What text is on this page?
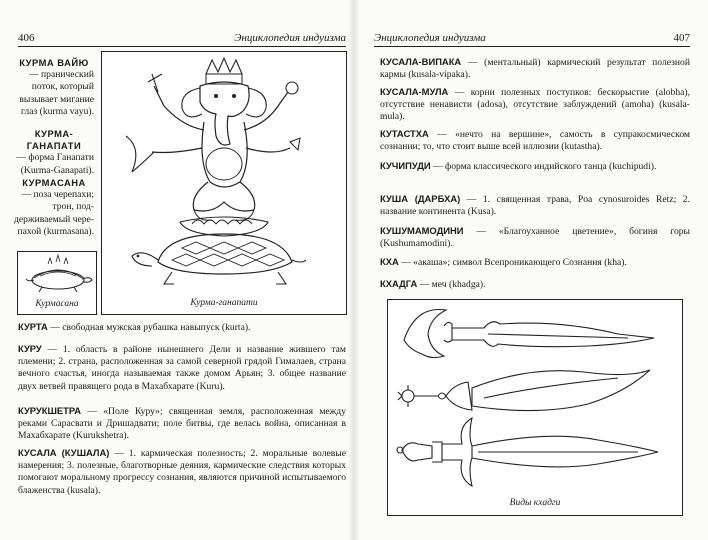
406	Энциклопедия индуизма
КУРМА ВАЙЮ
— пранический поток, который вызывает мигание глаз (kurma vayu).
КУРМА-ГАНАПАТИ
— форма Ганапати (Kurma-Ganapati).
КУРМАСАНА
— поза черепахи; трон, поддерживаемый черепахой (kurmasana).
Курмасана	Курма-ганапати
КУРТА — свободная мужская рубашка навыпуск (kurta).
КУРУ — 1. область в районе нынешнего Дели и название жившего там племени; 2. страна, расположенная за самой северной грядой Гималаев, страна вечного счастья, иногда называемая также домом Арьян; 3. общее название двух ветвей правящего рода в Махабхарате (Kuru).
КУРУКШЕТРА — «Поле Куру»; священная земля, расположенная между реками Сарасвати и Дришадвати; поле битвы, где велась война, описанная в Махабхарате (Kurukshetra).
КУСАЛА (КУШАЛА) — 1. кармическая полезность; 2. моральные волевые намерения; 3. полезные, благотворные деяния, кармические следствия которых помогают моральному прогрессу сознания, являются причиной испытываемого блаженства (kusala).
Энциклопедия индуизма	407
КУСАЛА-ВИПАКА — (ментальный) кармический результат полезной кармы (kusala-vipaka).
КУСАЛА-МУЛА — корни полезных поступков: бескорыстие (alobha), отсутствие ненависти (adosa), отсутствие заблуждений (amoha) (kusala-mula).
КУТАСТХА — «нечто на вершине», самость в супракосмическом сознании; то, что стоит выше всей иллюзии (kutastha).
КУЧИПУДИ — форма классического индийского танца (kuchipudi).
КУША (ДАРБХА) — 1. священная трава, Poa cynosuroides Retz; 2. название континента (Kusa).
КУШУМАМОДИНИ — «Благоуханное цветение», богиня горы (Kushumamodini).
КХА — «акаша»; символ Всепроникающего Сознания (kha).
КХАДГА — меч (khadga).
Виды кхадги
